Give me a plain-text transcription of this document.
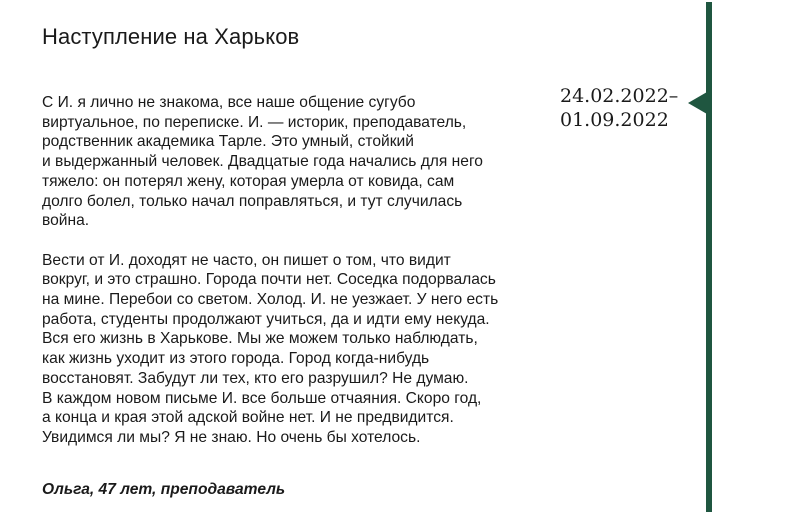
Наступление на Харьков

С И. я лично не знакома, все наше общение сугубо
виртуальное, по переписке. И. — историк, преподаватель,
родственник академика Тарле. Это умный, стойкий
и выдержанный человек. Двадцатые года начались для него
тяжело: он потерял жену, которая умерла от ковида, сам
долго болел, только начал поправляться, и тут случилась
война.

Вести от И. доходят не часто, он пишет о том, что видит
вокруг, и это страшно. Города почти нет. Соседка подорвалась
на мине. Перебои со светом. Холод. И. не уезжает. У него есть
работа, студенты продолжают учиться, да и идти ему некуда.
Вся его жизнь в Харькове. Мы же можем только наблюдать,
как жизнь уходит из этого города. Город когда-нибудь
восстановят. Забудут ли тех, кто его разрушил? Не думаю.
В каждом новом письме И. все больше отчаяния. Скоро год,
а конца и края этой адской войне нет. И не предвидится.
Увидимся ли мы? Я не знаю. Но очень бы хотелось.

Ольга, 47 лет, преподаватель

24.02.2022–
01.09.2022
